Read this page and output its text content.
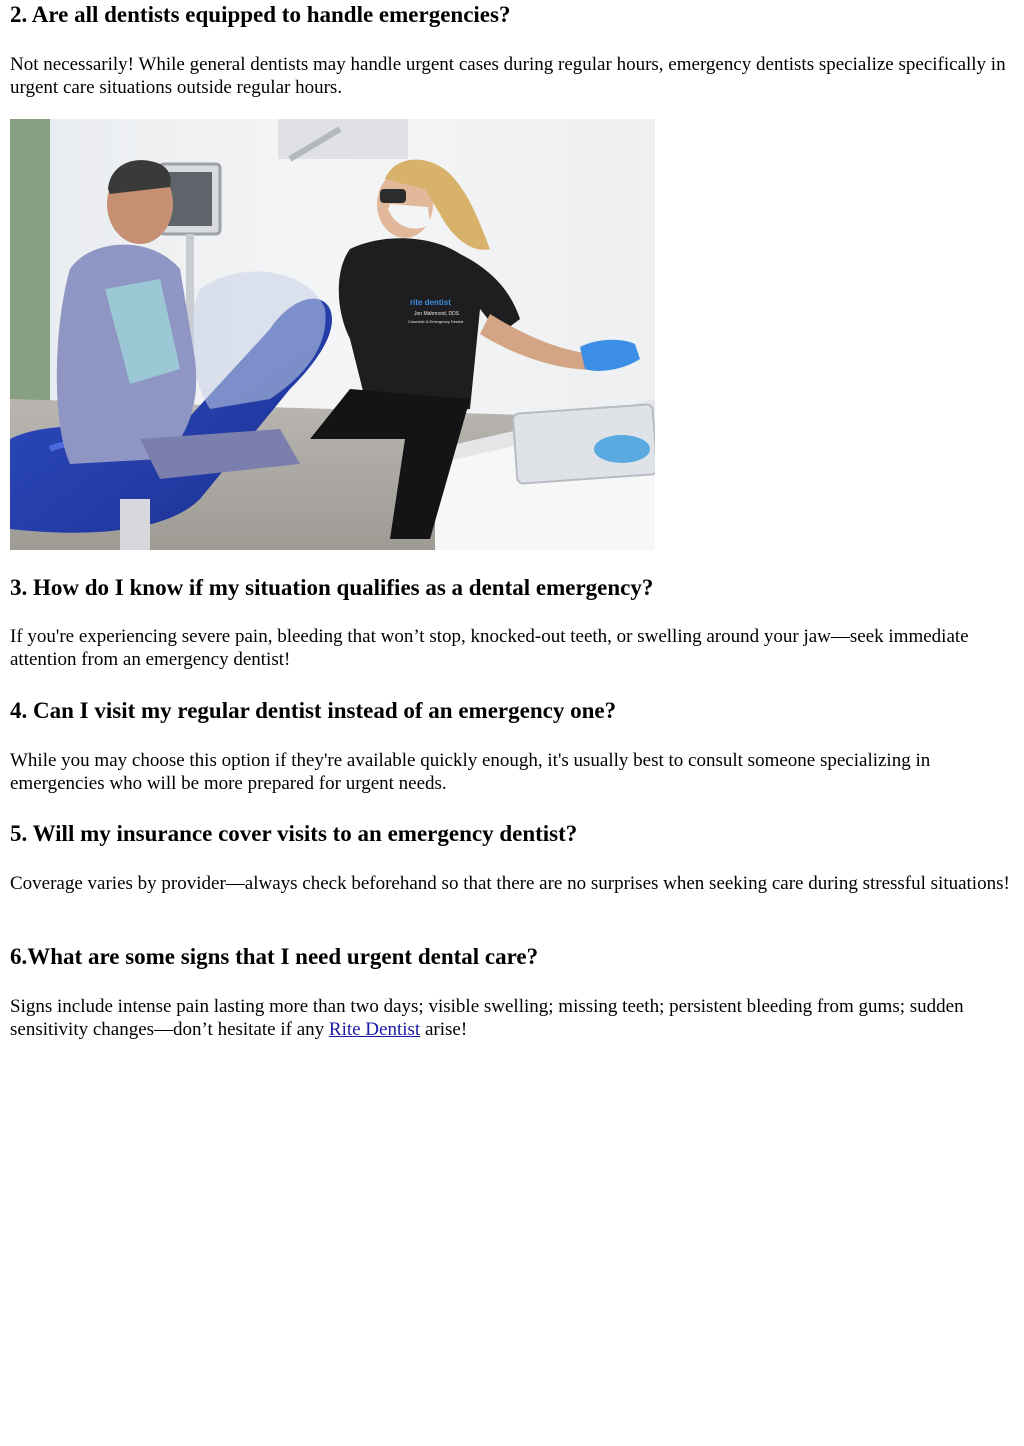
2. Are all dentists equipped to handle emergencies?

Not necessarily! While general dentists may handle urgent cases during regular hours, emergency dentists specialize specifically in urgent care situations outside regular hours.

rite dentist
Jon Mahmood, DDS
Cosmetic & Emergency Dentist
3. How do I know if my situation qualifies as a dental emergency?

If you're experiencing severe pain, bleeding that won’t stop, knocked-out teeth, or swelling around your jaw—seek immediate attention from an emergency dentist!

4. Can I visit my regular dentist instead of an emergency one?

While you may choose this option if they're available quickly enough, it's usually best to consult someone specializing in emergencies who will be more prepared for urgent needs.

5. Will my insurance cover visits to an emergency dentist?

Coverage varies by provider—always check beforehand so that there are no surprises when seeking care during stressful situations!

6.What are some signs that I need urgent dental care?

Signs include intense pain lasting more than two days; visible swelling; missing teeth; persistent bleeding from gums; sudden sensitivity changes—don’t hesitate if any Rite Dentist arise!
